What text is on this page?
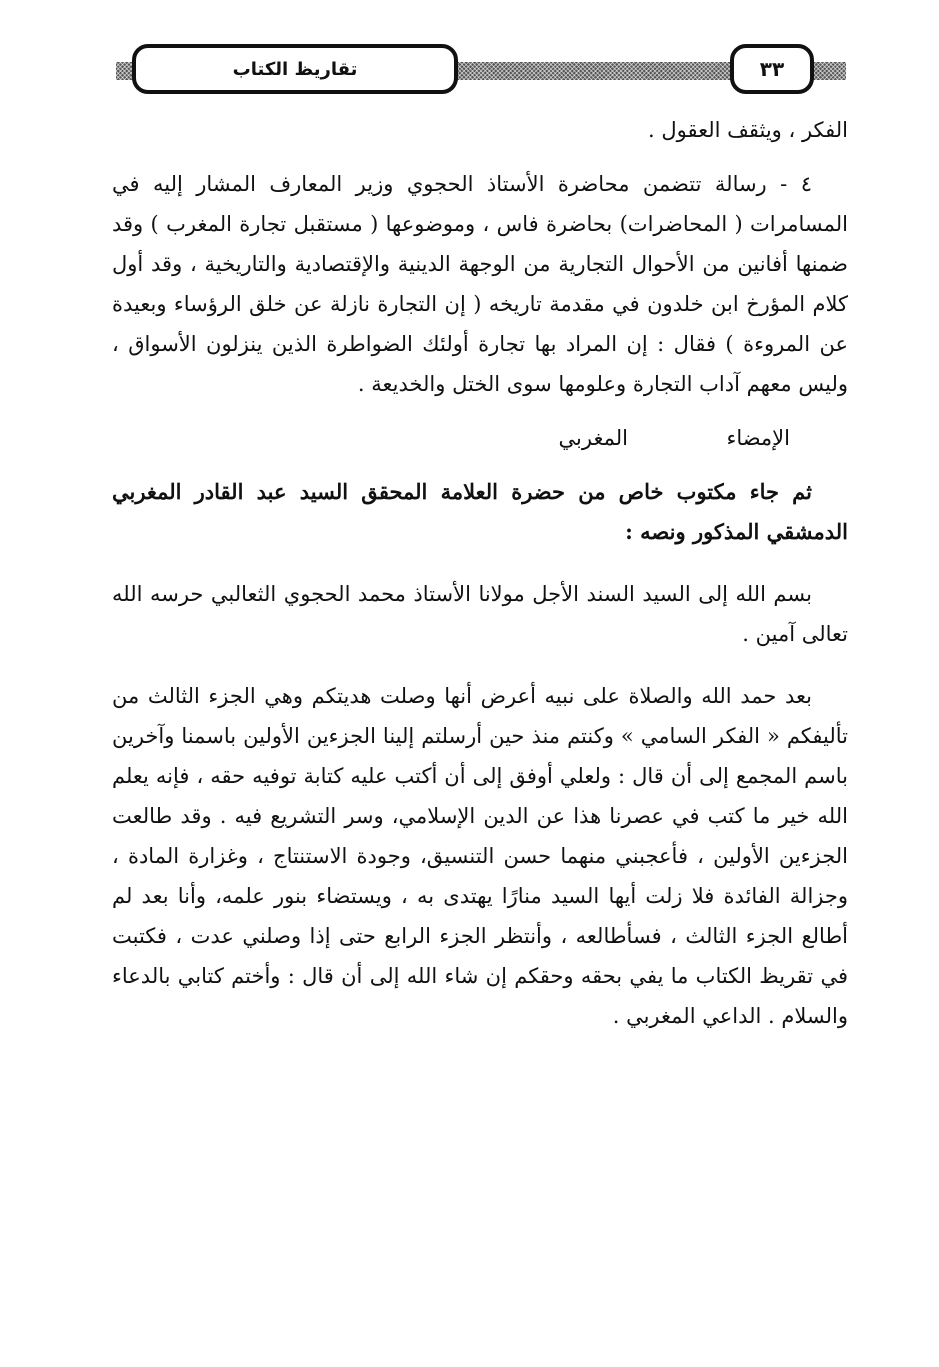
تقاريظ الكتاب	٣٣

الفكر ، ويثقف العقول .

٤ - رسالة تتضمن محاضرة الأستاذ الحجوي وزير المعارف المشار إليه في المسامرات ( المحاضرات) بحاضرة فاس ، وموضوعها ( مستقبل تجارة المغرب ) وقد ضمنها أفانين من الأحوال التجارية من الوجهة الدينية والإقتصادية والتاريخية ، وقد أول كلام المؤرخ ابن خلدون في مقدمة تاريخه ( إن التجارة نازلة عن خلق الرؤساء وبعيدة عن المروءة ) فقال : إن المراد بها تجارة أولئك الضواطرة الذين ينزلون الأسواق ، وليس معهم آداب التجارة وعلومها سوى الختل والخديعة .

الإمضاء
المغربي

ثم جاء مكتوب خاص من حضرة العلامة المحقق السيد عبد القادر المغربي الدمشقي المذكور ونصه :

بسم الله إلى السيد السند الأجل مولانا الأستاذ محمد الحجوي الثعالبي حرسه الله تعالى آمين .

بعد حمد الله والصلاة على نبيه أعرض أنها وصلت هديتكم وهي الجزء الثالث من تأليفكم « الفكر السامي » وكنتم منذ حين أرسلتم إلينا الجزءين الأولين باسمنا وآخرين باسم المجمع إلى أن قال : ولعلي أوفق إلى أن أكتب عليه كتابة توفيه حقه ، فإنه يعلم الله خير ما كتب في عصرنا هذا عن الدين الإسلامي، وسر التشريع فيه . وقد طالعت الجزءين الأولين ، فأعجبني منهما حسن التنسيق، وجودة الاستنتاج ، وغزارة المادة ، وجزالة الفائدة فلا زلت أيها السيد منارًا يهتدى به ، ويستضاء بنور علمه، وأنا بعد لم أطالع الجزء الثالث ، فسأطالعه ، وأنتظر الجزء الرابع حتى إذا وصلني عدت ، فكتبت في تقريظ الكتاب ما يفي بحقه وحقكم إن شاء الله إلى أن قال : وأختم كتابي بالدعاء والسلام . الداعي المغربي .
